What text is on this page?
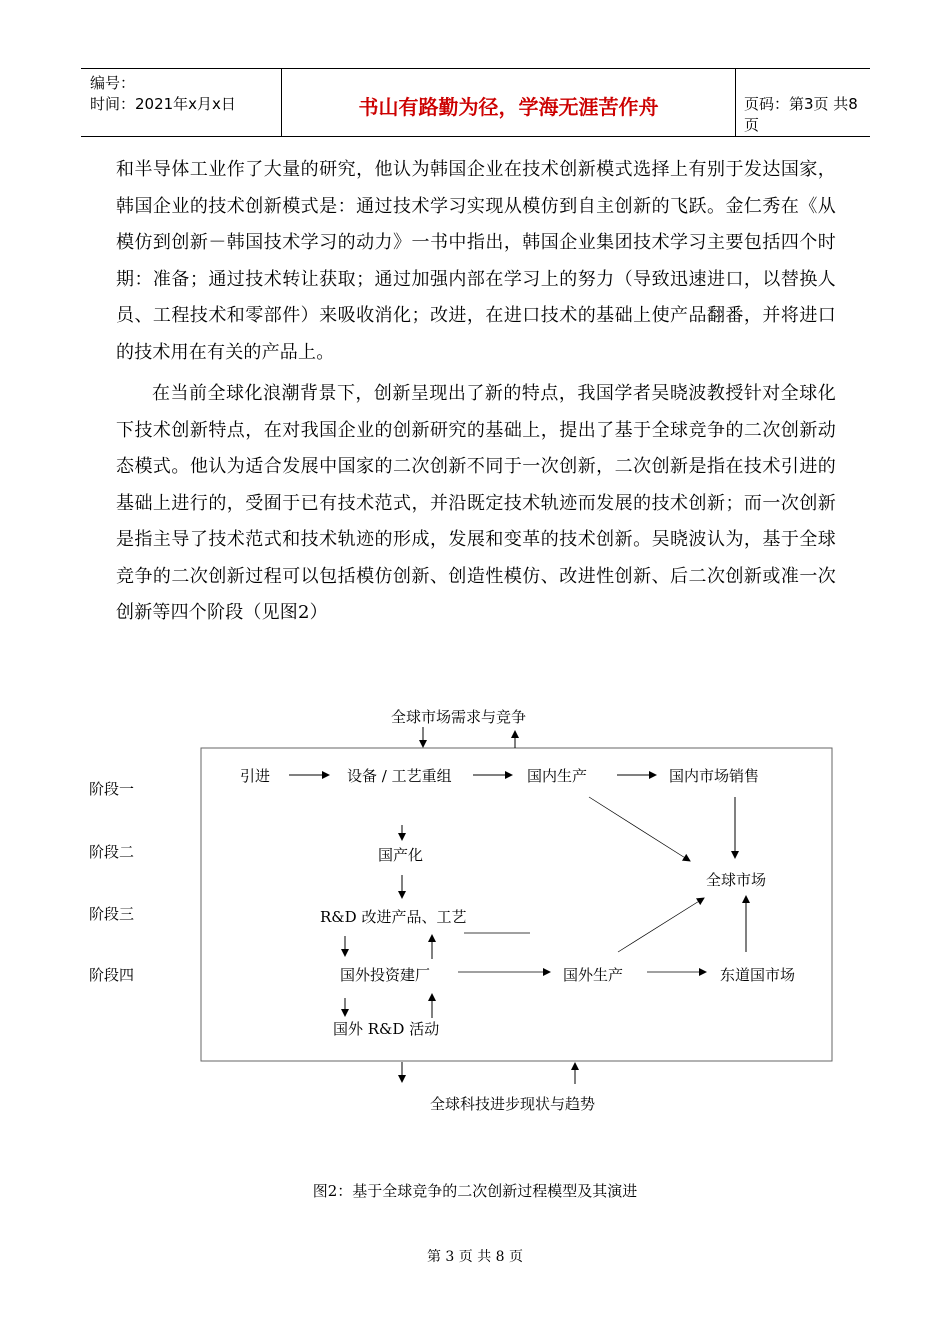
编号：
时间：2021年x月x日	书山有路勤为径，学海无涯苦作舟	页码：第3页 共8页
和半导体工业作了大量的研究，他认为韩国企业在技术创新模式选择上有别于发达国家，韩国企业的技术创新模式是：通过技术学习实现从模仿到自主创新的飞跃。金仁秀在《从模仿到创新－韩国技术学习的动力》一书中指出，韩国企业集团技术学习主要包括四个时期：准备；通过技术转让获取；通过加强内部在学习上的努力（导致迅速进口，以替换人员、工程技术和零部件）来吸收消化；改进，在进口技术的基础上使产品翻番，并将进口的技术用在有关的产品上。
在当前全球化浪潮背景下，创新呈现出了新的特点，我国学者吴晓波教授针对全球化下技术创新特点，在对我国企业的创新研究的基础上，提出了基于全球竞争的二次创新动态模式。他认为适合发展中国家的二次创新不同于一次创新，二次创新是指在技术引进的基础上进行的，受囿于已有技术范式，并沿既定技术轨迹而发展的技术创新；而一次创新是指主导了技术范式和技术轨迹的形成，发展和变革的技术创新。吴晓波认为，基于全球竞争的二次创新过程可以包括模仿创新、创造性模仿、改进性创新、后二次创新或准一次创新等四个阶段（见图2）
全球市场需求与竞争
阶段一
阶段二
阶段三
阶段四
引进	设备 / 工艺重组	国内生产	国内市场销售
国产化
全球市场
R&D 改进产品、工艺
国外投资建厂	国外生产	东道国市场
国外 R&D 活动
全球科技进步现状与趋势
图2：基于全球竞争的二次创新过程模型及其演进
第 3 页 共 8 页
